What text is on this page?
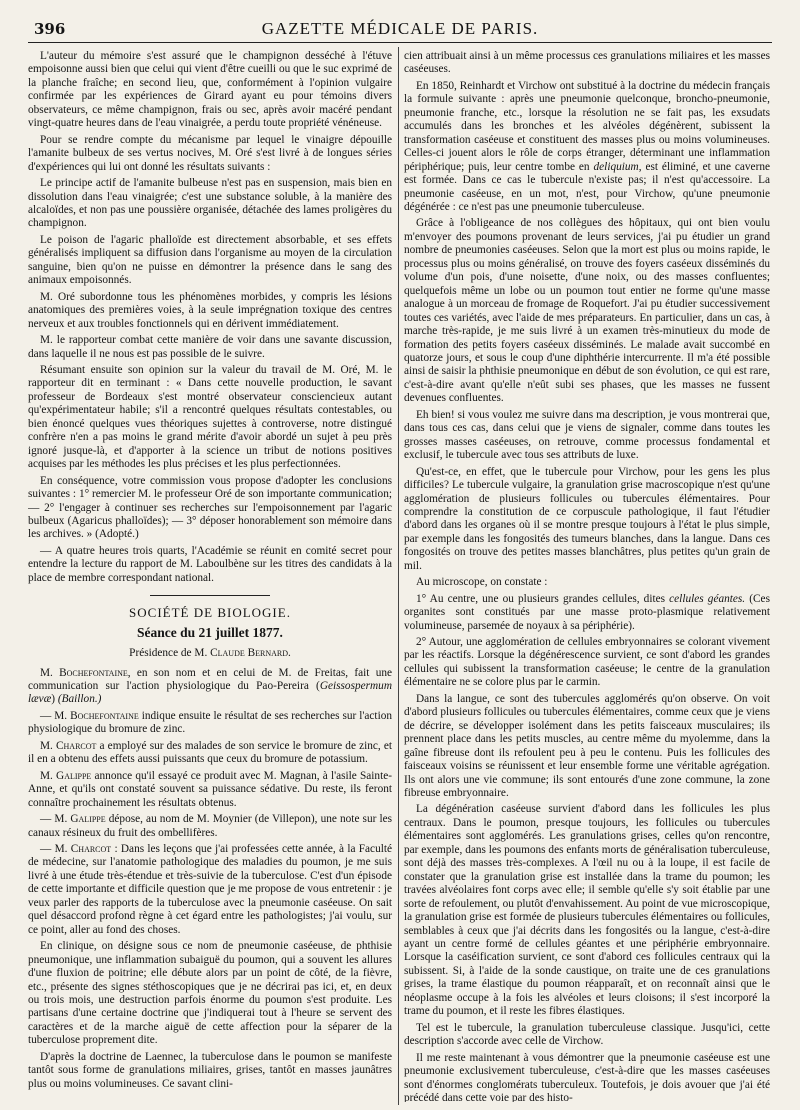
396	GAZETTE MÉDICALE DE PARIS.

L'auteur du mémoire s'est assuré que le champignon desséché à l'étuve empoisonne aussi bien que celui qui vient d'être cueilli ou que le suc exprimé de la planche fraîche; en second lieu, que, conformément à l'opinion vulgaire confirmée par les expériences de Girard ayant eu pour témoins divers observateurs, ce même champignon, frais ou sec, après avoir macéré pendant vingt-quatre heures dans de l'eau vinaigrée, a perdu toute propriété vénéneuse.

Pour se rendre compte du mécanisme par lequel le vinaigre dépouille l'amanite bulbeux de ses vertus nocives, M. Oré s'est livré à de longues séries d'expériences qui lui ont donné les résultats suivants :

Le principe actif de l'amanite bulbeuse n'est pas en suspension, mais bien en dissolution dans l'eau vinaigrée; c'est une substance soluble, à la manière des alcaloïdes, et non pas une poussière organisée, détachée des lames proligères du champignon.

Le poison de l'agaric phalloïde est directement absorbable, et ses effets généralisés impliquent sa diffusion dans l'organisme au moyen de la circulation sanguine, bien qu'on ne puisse en démontrer la présence dans le sang des animaux empoisonnés.

M. Oré subordonne tous les phénomènes morbides, y compris les lésions anatomiques des premières voies, à la seule imprégnation toxique des centres nerveux et aux troubles fonctionnels qui en dérivent immédiatement.

M. le rapporteur combat cette manière de voir dans une savante discussion, dans laquelle il ne nous est pas possible de le suivre.

Résumant ensuite son opinion sur la valeur du travail de M. Oré, M. le rapporteur dit en terminant : « Dans cette nouvelle production, le savant professeur de Bordeaux s'est montré observateur consciencieux autant qu'expérimentateur habile; s'il a rencontré quelques résultats contestables, ou bien énoncé quelques vues théoriques sujettes à controverse, notre distingué confrère n'en a pas moins le grand mérite d'avoir abordé un sujet à peu près ignoré jusque-là, et d'apporter à la science un tribut de notions positives acquises par les méthodes les plus précises et les plus perfectionnées.

En conséquence, votre commission vous propose d'adopter les conclusions suivantes : 1° remercier M. le professeur Oré de son importante communication; — 2° l'engager à continuer ses recherches sur l'empoisonnement par l'agaric bulbeux (Agaricus phalloïdes); — 3° déposer honorablement son mémoire dans les archives. » (Adopté.)

— A quatre heures trois quarts, l'Académie se réunit en comité secret pour entendre la lecture du rapport de M. Laboulbène sur les titres des candidats à la place de membre correspondant national.

SOCIÉTÉ DE BIOLOGIE.
Séance du 21 juillet 1877.
Présidence de M. Claude Bernard.

M. Bochefontaine, en son nom et en celui de M. de Freitas, fait une communication sur l'action physiologique du Pao-Pereira (Geissospermum lævæ) (Baillon.)

— M. Bochefontaine indique ensuite le résultat de ses recherches sur l'action physiologique du bromure de zinc.

M. Charcot a employé sur des malades de son service le bromure de zinc, et il en a obtenu des effets aussi puissants que ceux du bromure de potassium.

M. Galippe annonce qu'il essayé ce produit avec M. Magnan, à l'asile Sainte-Anne, et qu'ils ont constaté souvent sa puissance sédative. Du reste, ils feront connaître prochainement les résultats obtenus.

— M. Galippe dépose, au nom de M. Moynier (de Villepon), une note sur les canaux résineux du fruit des ombellifères.

— M. Charcot : Dans les leçons que j'ai professées cette année, à la Faculté de médecine, sur l'anatomie pathologique des maladies du poumon, je me suis livré à une étude très-étendue et très-suivie de la tuberculose. C'est d'un épisode de cette importante et difficile question que je me propose de vous entretenir : je veux parler des rapports de la tuberculose avec la pneumonie caséeuse. On sait quel désaccord profond règne à cet égard entre les pathologistes; j'ai voulu, sur ce point, aller au fond des choses.

En clinique, on désigne sous ce nom de pneumonie caséeuse, de phthisie pneumonique, une inflammation subaiguë du poumon, qui a souvent les allures d'une fluxion de poitrine; elle débute alors par un point de côté, de la fièvre, etc., présente des signes stéthoscopiques que je ne décrirai pas ici, et, en deux ou trois mois, une destruction parfois énorme du poumon s'est produite. Les partisans d'une certaine doctrine que j'indiquerai tout à l'heure se servent des caractères et de la marche aiguë de cette affection pour la séparer de la tuberculose proprement dite.

D'après la doctrine de Laennec, la tuberculose dans le poumon se manifeste tantôt sous forme de granulations miliaires, grises, tantôt en masses jaunâtres plus ou moins volumineuses. Ce savant clini-

cien attribuait ainsi à un même processus ces granulations miliaires et les masses caséeuses.

En 1850, Reinhardt et Virchow ont substitué à la doctrine du médecin français la formule suivante : après une pneumonie quelconque, broncho-pneumonie, pneumonie franche, etc., lorsque la résolution ne se fait pas, les exsudats accumulés dans les bronches et les alvéoles dégénèrent, subissent la transformation caséeuse et constituent des masses plus ou moins volumineuses. Celles-ci jouent alors le rôle de corps étranger, déterminant une inflammation périphérique; puis, leur centre tombe en deliquium, est éliminé, et une caverne est formée. Dans ce cas le tubercule n'existe pas; il n'est qu'accessoire. La pneumonie caséeuse, en un mot, n'est, pour Virchow, qu'une pneumonie dégénérée : ce n'est pas une pneumonie tuberculeuse.

Grâce à l'obligeance de nos collègues des hôpitaux, qui ont bien voulu m'envoyer des poumons provenant de leurs services, j'ai pu étudier un grand nombre de pneumonies caséeuses. Selon que la mort est plus ou moins rapide, le processus plus ou moins généralisé, on trouve des foyers caséeux disséminés du volume d'un pois, d'une noisette, d'une noix, ou des masses confluentes; quelquefois même un lobe ou un poumon tout entier ne forme qu'une masse analogue à un morceau de fromage de Roquefort. J'ai pu étudier successivement toutes ces variétés, avec l'aide de mes préparateurs. En particulier, dans un cas, à marche très-rapide, je me suis livré à un examen très-minutieux du mode de formation des petits foyers caséeux disséminés. Le malade avait succombé en quatorze jours, et sous le coup d'une diphthérie intercurrente. Il m'a été possible ainsi de saisir la phthisie pneumonique en début de son évolution, ce qui est rare, c'est-à-dire avant qu'elle n'eût subi ses phases, que les masses ne fussent devenues confluentes.

Eh bien! si vous voulez me suivre dans ma description, je vous montrerai que, dans tous ces cas, dans celui que je viens de signaler, comme dans toutes les grosses masses caséeuses, on retrouve, comme processus fondamental et exclusif, le tubercule avec tous ses attributs de luxe.

Qu'est-ce, en effet, que le tubercule pour Virchow, pour les gens les plus difficiles? Le tubercule vulgaire, la granulation grise macroscopique n'est qu'une agglomération de plusieurs follicules ou tubercules élémentaires. Pour comprendre la constitution de ce corpuscule pathologique, il faut l'étudier d'abord dans les organes où il se montre presque toujours à l'état le plus simple, par exemple dans les fongosités des tumeurs blanches, dans la langue. Dans ces fongosités on trouve des petites masses blanchâtres, plus petites qu'un grain de mil.

Au microscope, on constate :

1° Au centre, une ou plusieurs grandes cellules, dites cellules géantes. (Ces organites sont constitués par une masse proto-plasmique relativement volumineuse, parsemée de noyaux à sa périphérie).

2° Autour, une agglomération de cellules embryonnaires se colorant vivement par les réactifs. Lorsque la dégénérescence survient, ce sont d'abord les grandes cellules qui subissent la transformation caséeuse; le centre de la granulation élémentaire ne se colore plus par le carmin.

Dans la langue, ce sont des tubercules agglomérés qu'on observe. On voit d'abord plusieurs follicules ou tubercules élémentaires, comme ceux que je viens de décrire, se développer isolément dans les petits faisceaux musculaires; ils prennent place dans les petits muscles, au centre même du myolemme, dans la gaîne fibreuse dont ils refoulent peu à peu le contenu. Puis les follicules des faisceaux voisins se réunissent et leur ensemble forme une véritable agrégation. Ils ont alors une vie commune; ils sont entourés d'une zone commune, la zone fibreuse embryonnaire.

La dégénération caséeuse survient d'abord dans les follicules les plus centraux. Dans le poumon, presque toujours, les follicules ou tubercules élémentaires sont agglomérés. Les granulations grises, celles qu'on rencontre, par exemple, dans les poumons des enfants morts de généralisation tuberculeuse, sont déjà des masses très-complexes. A l'œil nu ou à la loupe, il est facile de constater que la granulation grise est installée dans la trame du poumon; les travées alvéolaires font corps avec elle; il semble qu'elle s'y soit établie par une sorte de refoulement, ou plutôt d'envahissement. Au point de vue microscopique, la granulation grise est formée de plusieurs tubercules élémentaires ou follicules, semblables à ceux que j'ai décrits dans les fongosités ou la langue, c'est-à-dire ayant un centre formé de cellules géantes et une périphérie embryonnaire. Lorsque la caséification survient, ce sont d'abord ces follicules centraux qui la subissent. Si, à l'aide de la sonde caustique, on traite une de ces granulations grises, la trame élastique du poumon réapparaît, et on reconnaît ainsi que le néoplasme occupe à la fois les alvéoles et leurs cloisons; il s'est incorporé la trame du poumon, et il reste les fibres élastiques.

Tel est le tubercule, la granulation tuberculeuse classique. Jusqu'ici, cette description s'accorde avec celle de Virchow.

Il me reste maintenant à vous démontrer que la pneumonie caséeuse est une pneumonie exclusivement tuberculeuse, c'est-à-dire que les masses caséeuses sont d'énormes conglomérats tuberculeux. Toutefois, je dois avouer que j'ai été précédé dans cette voie par des histo-
